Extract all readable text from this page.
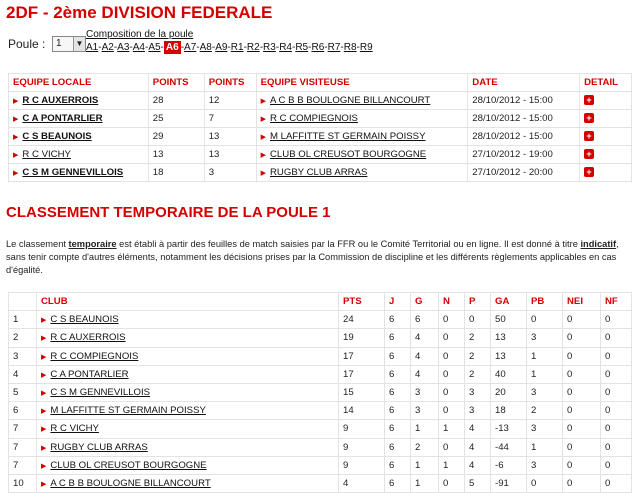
2DF - 2ème DIVISION FEDERALE
Poule : 1	▼
Composition de la poule
A1-A2-A3-A4-A5- A6 -A7-A8-A9-R1-R2-R3-R4-R5-R6-R7-R8-R9
EQUIPE LOCALE	POINTS	POINTS	EQUIPE VISITEUSE	DATE	DETAIL
▶ R C AUXERROIS	28	12	▶ A C B B BOULOGNE BILLANCOURT	28/10/2012 - 15:00	+
▶ C A PONTARLIER	25	7	▶ R C COMPIEGNOIS	28/10/2012 - 15:00	+
▶ C S BEAUNOIS	29	13	▶ M LAFFITTE ST GERMAIN POISSY	28/10/2012 - 15:00	+
▶ R C VICHY	13	13	▶ CLUB OL CREUSOT BOURGOGNE	27/10/2012 - 19:00	+
▶ C S M GENNEVILLOIS	18	3	▶ RUGBY CLUB ARRAS	27/10/2012 - 20:00	+
CLASSEMENT TEMPORAIRE DE LA POULE 1

Le classement temporaire est établi à partir des feuilles de match saisies par la FFR ou le Comité Territorial ou en ligne. Il est donné à titre indicatif, sans tenir compte d'autres éléments, notamment les décisions prises par la Commission de discipline et les différents règlements applicables en cas d'égalité.

	CLUB	PTS	J	G	N	P	GA	PB	NEI	NF
1	▶ C S BEAUNOIS	24	6	6	0	0	50	0	0	0
2	▶ R C AUXERROIS	19	6	4	0	2	13	3	0	0
3	▶ R C COMPIEGNOIS	17	6	4	0	2	13	1	0	0
4	▶ C A PONTARLIER	17	6	4	0	2	40	1	0	0
5	▶ C S M GENNEVILLOIS	15	6	3	0	3	20	3	0	0
6	▶ M LAFFITTE ST GERMAIN POISSY	14	6	3	0	3	18	2	0	0
7	▶ R C VICHY	9	6	1	1	4	-13	3	0	0
7	▶ RUGBY CLUB ARRAS	9	6	2	0	4	-44	1	0	0
7	▶ CLUB OL CREUSOT BOURGOGNE	9	6	1	1	4	-6	3	0	0
10	▶ A C B B BOULOGNE BILLANCOURT	4	6	1	0	5	-91	0	0	0
